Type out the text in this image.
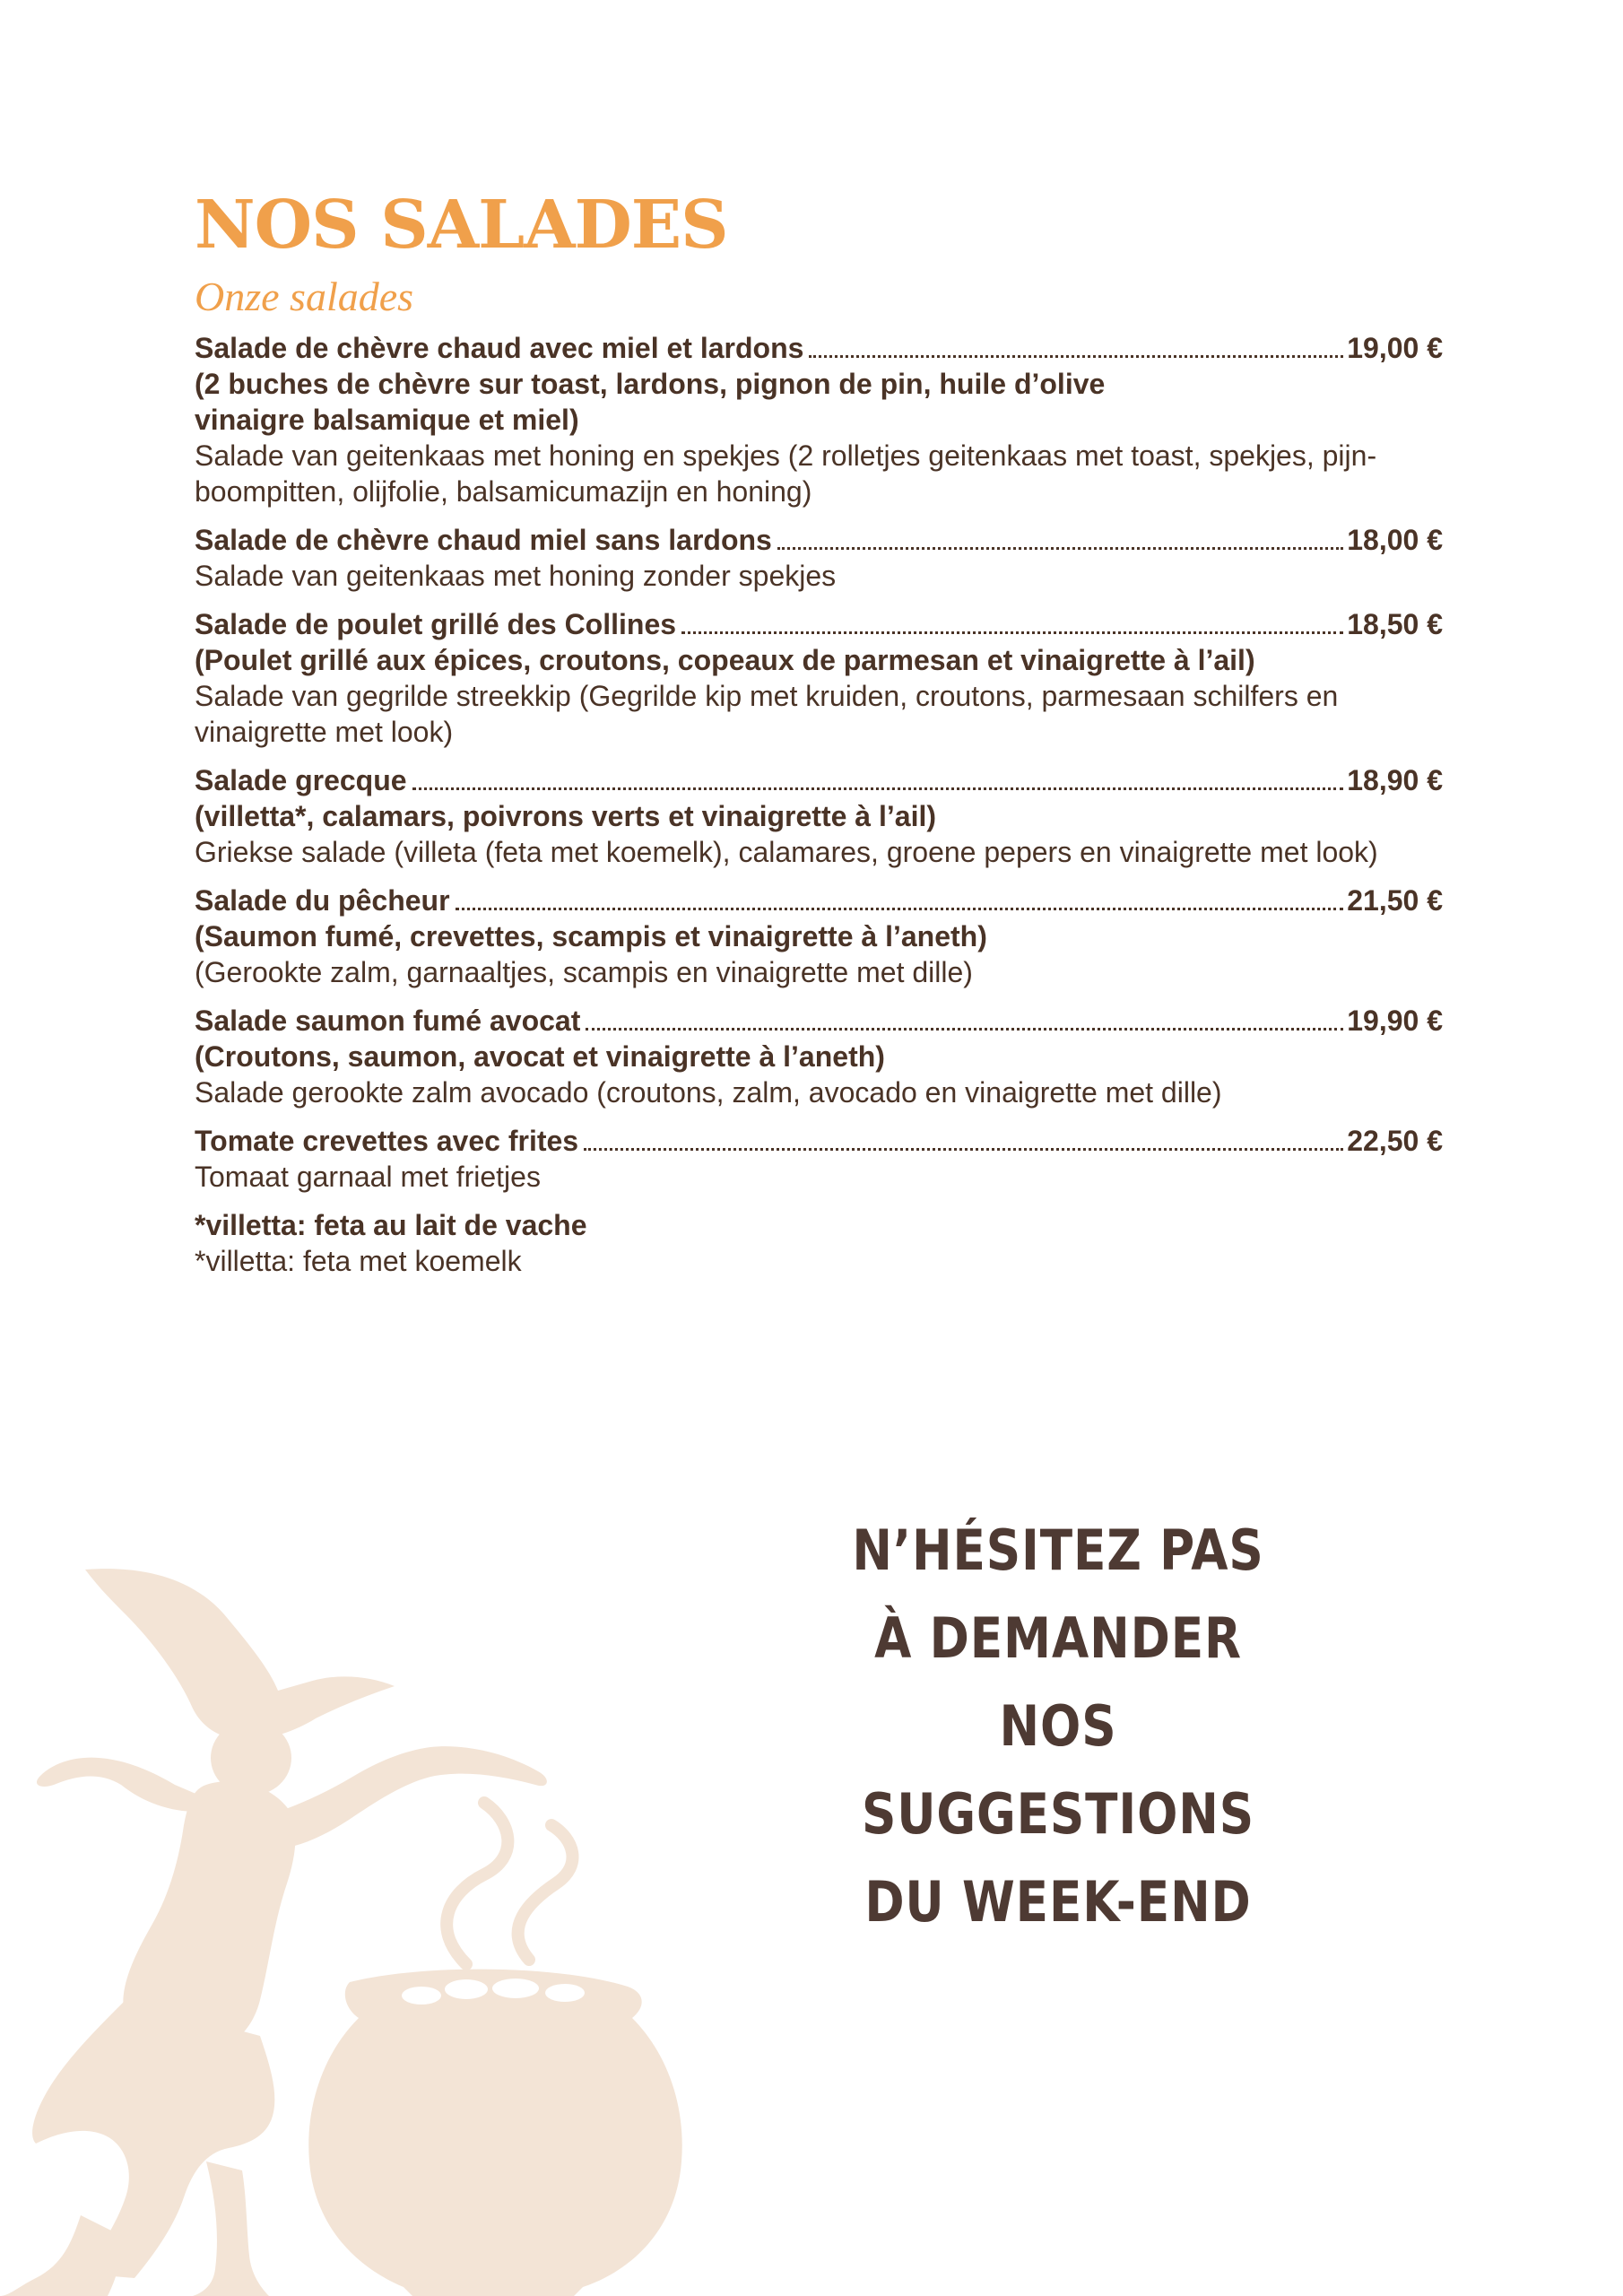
NOS SALADES
Onze salades
Salade de chèvre chaud avec miel et lardons	19,00 €
(2 buches de chèvre sur toast, lardons, pignon de pin, huile d’olive
vinaigre balsamique et miel)
Salade van geitenkaas met honing en spekjes (2 rolletjes geitenkaas met toast, spekjes, pijn-
boompitten, olijfolie, balsamicumazijn en honing)
Salade de chèvre chaud miel sans lardons	18,00 €
Salade van geitenkaas met honing zonder spekjes
Salade de poulet grillé des Collines	18,50 €
(Poulet grillé aux épices, croutons, copeaux de parmesan et vinaigrette à l’ail)
Salade van gegrilde streekkip (Gegrilde kip met kruiden, croutons, parmesaan schilfers en
vinaigrette met look)
Salade grecque	18,90 €
(villetta*, calamars, poivrons verts et vinaigrette à l’ail)
Griekse salade (villeta (feta met koemelk), calamares, groene pepers en vinaigrette met look)
Salade du pêcheur	21,50 €
(Saumon fumé, crevettes, scampis et vinaigrette à l’aneth)
(Gerookte zalm, garnaaltjes, scampis en vinaigrette met dille)
Salade saumon fumé avocat	19,90 €
(Croutons, saumon, avocat et vinaigrette à l’aneth)
Salade gerookte zalm avocado (croutons, zalm, avocado en vinaigrette met dille)
Tomate crevettes avec frites	22,50 €
Tomaat garnaal met frietjes
*villetta: feta au lait de vache
*villetta: feta met koemelk
N’HÉSITEZ PAS
À DEMANDER
NOS SUGGESTIONS
DU WEEK-END
